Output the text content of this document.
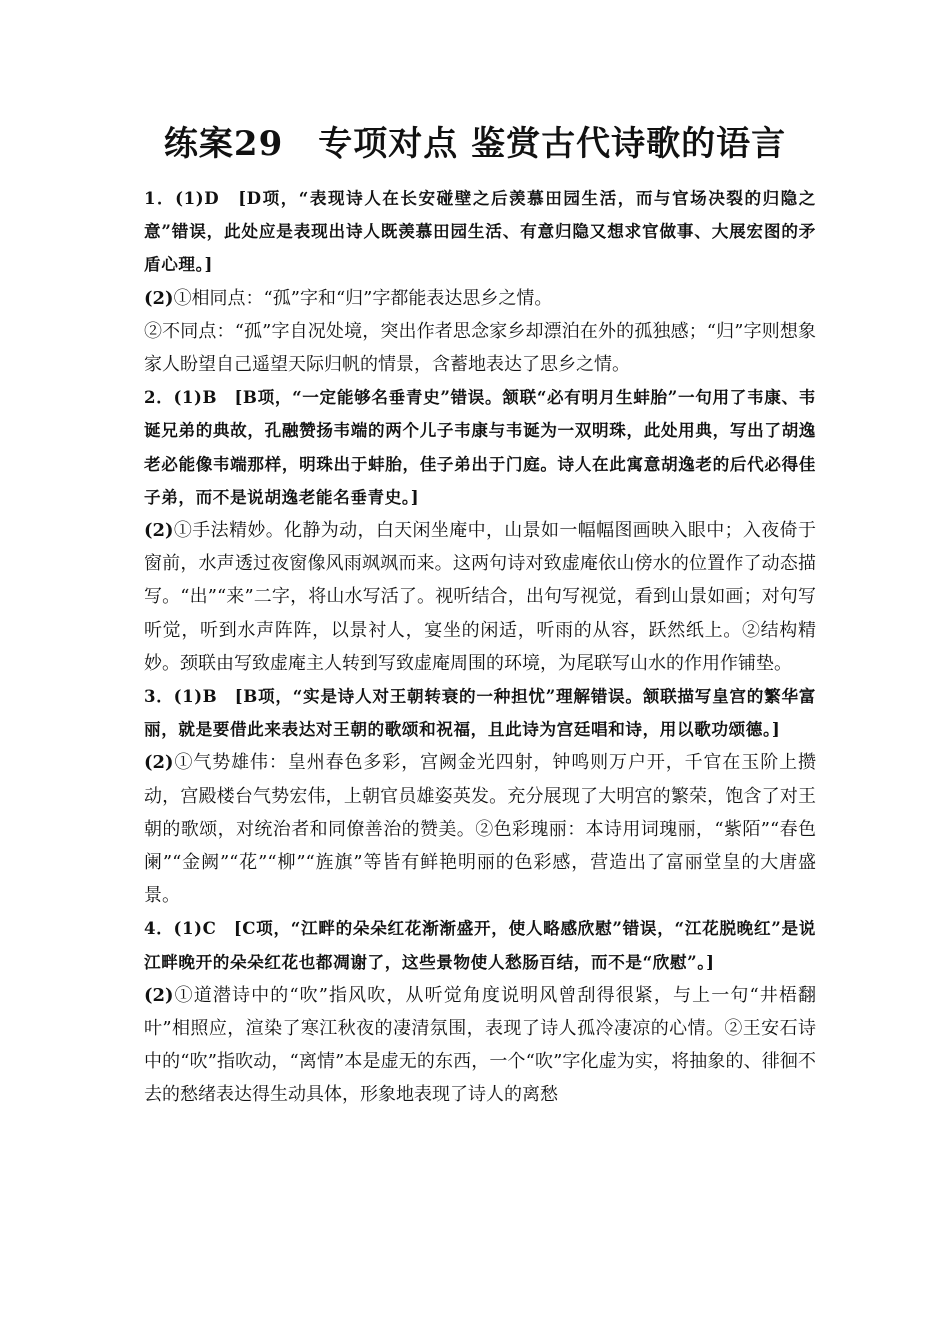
练案29　专项对点 鉴赏古代诗歌的语言

1．(1)D　[D项，“表现诗人在长安碰壁之后羡慕田园生活，而与官场决裂的归隐之意”错误，此处应是表现出诗人既羡慕田园生活、有意归隐又想求官做事、大展宏图的矛盾心理。]

(2)①相同点：“孤”字和“归”字都能表达思乡之情。

②不同点：“孤”字自况处境，突出作者思念家乡却漂泊在外的孤独感；“归”字则想象家人盼望自己遥望天际归帆的情景，含蓄地表达了思乡之情。

2．(1)B　[B项，“一定能够名垂青史”错误。颔联“必有明月生蚌胎”一句用了韦康、韦诞兄弟的典故，孔融赞扬韦端的两个儿子韦康与韦诞为一双明珠，此处用典，写出了胡逸老必能像韦端那样，明珠出于蚌胎，佳子弟出于门庭。诗人在此寓意胡逸老的后代必得佳子弟，而不是说胡逸老能名垂青史。]

(2)①手法精妙。化静为动，白天闲坐庵中，山景如一幅幅图画映入眼中；入夜倚于窗前，水声透过夜窗像风雨飒飒而来。这两句诗对致虚庵依山傍水的位置作了动态描写。“出”“来”二字，将山水写活了。视听结合，出句写视觉，看到山景如画；对句写听觉，听到水声阵阵，以景衬人，宴坐的闲适，听雨的从容，跃然纸上。②结构精妙。颈联由写致虚庵主人转到写致虚庵周围的环境，为尾联写山水的作用作铺垫。

3．(1)B　[B项，“实是诗人对王朝转衰的一种担忧”理解错误。颔联描写皇宫的繁华富丽，就是要借此来表达对王朝的歌颂和祝福，且此诗为宫廷唱和诗，用以歌功颂德。]

(2)①气势雄伟：皇州春色多彩，宫阙金光四射，钟鸣则万户开，千官在玉阶上攒动，宫殿楼台气势宏伟，上朝官员雄姿英发。充分展现了大明宫的繁荣，饱含了对王朝的歌颂，对统治者和同僚善治的赞美。②色彩瑰丽：本诗用词瑰丽，“紫陌”“春色阑”“金阙”“花”“柳”“旌旗”等皆有鲜艳明丽的色彩感，营造出了富丽堂皇的大唐盛景。

4．(1)C　[C项，“江畔的朵朵红花渐渐盛开，使人略感欣慰”错误，“江花脱晚红”是说江畔晚开的朵朵红花也都凋谢了，这些景物使人愁肠百结，而不是“欣慰”。]

(2)①道潜诗中的“吹”指风吹，从听觉角度说明风曾刮得很紧，与上一句“井梧翻叶”相照应，渲染了寒江秋夜的凄清氛围，表现了诗人孤冷凄凉的心情。②王安石诗中的“吹”指吹动，“离情”本是虚无的东西，一个“吹”字化虚为实，将抽象的、徘徊不去的愁绪表达得生动具体，形象地表现了诗人的离愁
